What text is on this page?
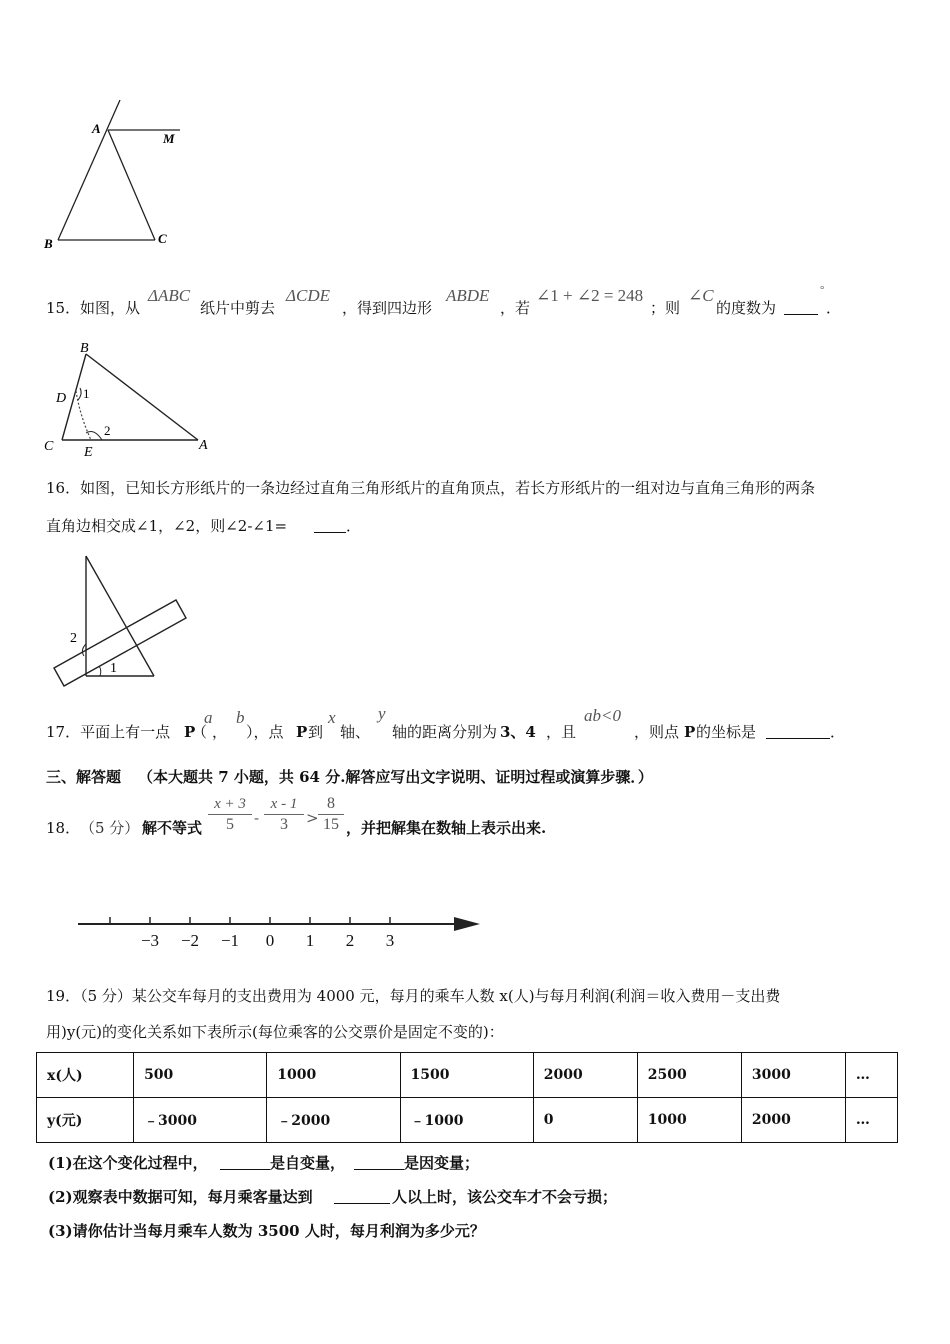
A
M
B	C
15． 如图，从
ΔABC
纸片中剪去
ΔCDE
，得到四边形
ABDE
，若
∠1 + ∠2 = 248
；则
∠C
的度数为
°
．
B
D 1
C E
2
A
16．如图，已知长方形纸片的一条边经过直角三角形纸片的直角顶点，若长方形纸片的一组对边与直角三角形的两条
直角边相交成∠1，∠2，则∠2-∠1=	．
2
1
17．平面上有一点 P
（
a
，
b
），点 P 到
x
轴、
y
轴的距离分别为 3、4 ，且
ab<0
，则点 P 的坐标是	．
三、解答题 （本大题共 7 小题，共 64 分.解答应写出文字说明、证明过程或演算步骤．）
18． （5 分） 解不等式 $\frac{x + 3}{5} - \frac{x - 1}{3} > \frac{8}{15}$ ，并把解集在数轴上表示出来.
−3 −2 −1 0 1 2 3
19．（5 分）某公交车每月的支出费用为 4000 元，每月的乘车人数 x(人)与每月利润(利润＝收入费用－支出费
用)y(元)的变化关系如下表所示(每位乘客的公交票价是固定不变的)：
x(人)	500	1000	1500	2000	2500	3000	…
y(元)	﹣3000	﹣2000	﹣1000	0	1000	2000	…
(1)在这个变化过程中，	是自变量，	是因变量；
(2)观察表中数据可知，每月乘客量达到	人以上时，该公交车才不会亏损；
(3)请你估计当每月乘车人数为 3500 人时，每月利润为多少元？
